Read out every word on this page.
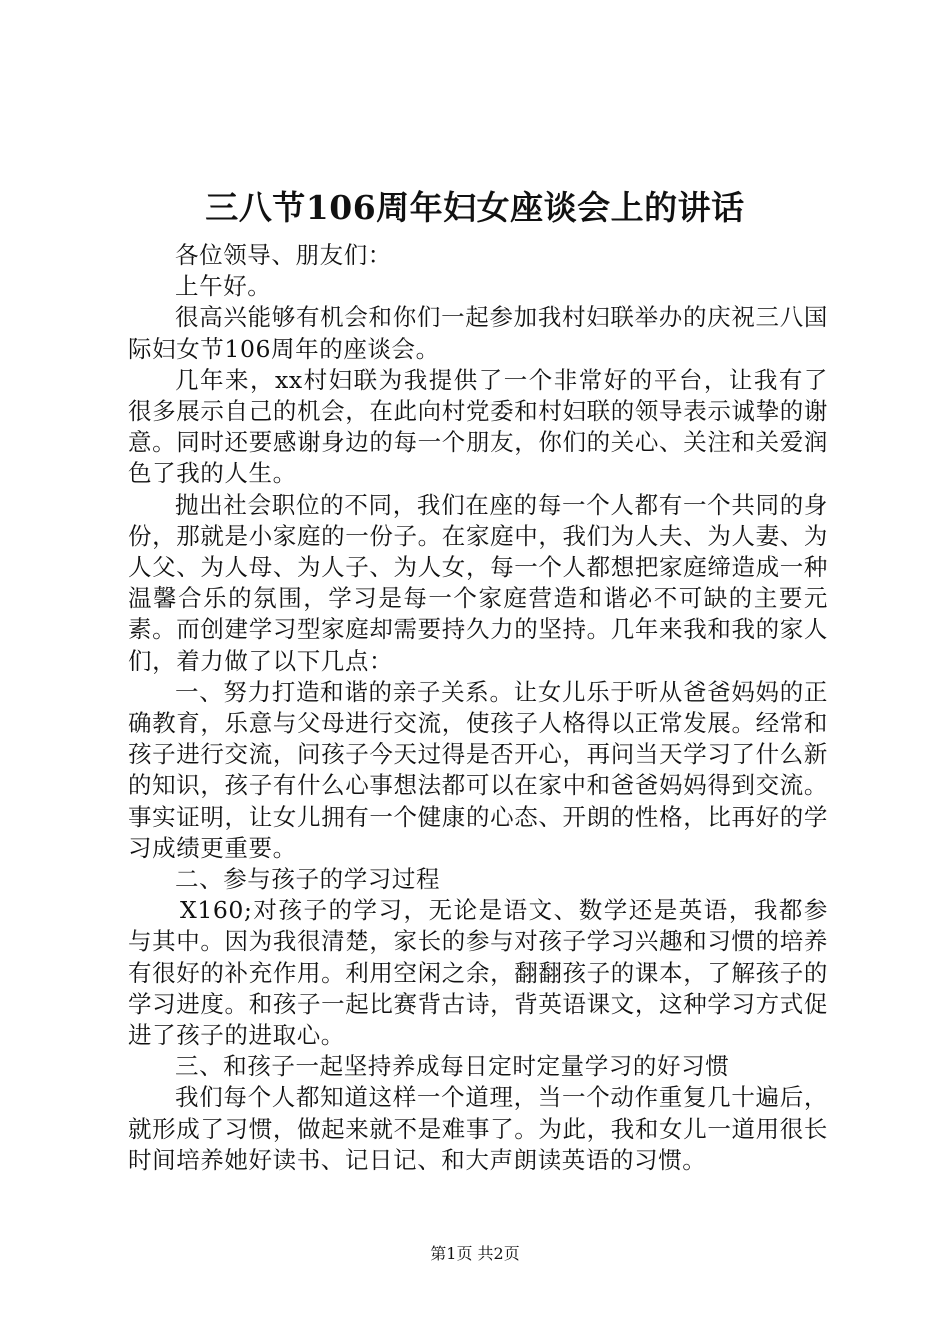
三八节106周年妇女座谈会上的讲话

各位领导、朋友们：

上午好。

很高兴能够有机会和你们一起参加我村妇联举办的庆祝三八国际妇女节106周年的座谈会。

几年来，xx村妇联为我提供了一个非常好的平台，让我有了很多展示自己的机会，在此向村党委和村妇联的领导表示诚挚的谢意。同时还要感谢身边的每一个朋友，你们的关心、关注和关爱润色了我的人生。

抛出社会职位的不同，我们在座的每一个人都有一个共同的身份，那就是小家庭的一份子。在家庭中，我们为人夫、为人妻、为人父、为人母、为人子、为人女，每一个人都想把家庭缔造成一种温馨合乐的氛围，学习是每一个家庭营造和谐必不可缺的主要元素。而创建学习型家庭却需要持久力的坚持。几年来我和我的家人们，着力做了以下几点：

一、努力打造和谐的亲子关系。让女儿乐于听从爸爸妈妈的正确教育，乐意与父母进行交流，使孩子人格得以正常发展。经常和孩子进行交流，问孩子今天过得是否开心，再问当天学习了什么新的知识，孩子有什么心事想法都可以在家中和爸爸妈妈得到交流。事实证明，让女儿拥有一个健康的心态、开朗的性格，比再好的学习成绩更重要。

二、参与孩子的学习过程

X160;对孩子的学习，无论是语文、数学还是英语，我都参与其中。因为我很清楚，家长的参与对孩子学习兴趣和习惯的培养有很好的补充作用。利用空闲之余，翻翻孩子的课本，了解孩子的学习进度。和孩子一起比赛背古诗，背英语课文，这种学习方式促进了孩子的进取心。

三、和孩子一起坚持养成每日定时定量学习的好习惯

我们每个人都知道这样一个道理，当一个动作重复几十遍后，就形成了习惯，做起来就不是难事了。为此，我和女儿一道用很长时间培养她好读书、记日记、和大声朗读英语的习惯。

第1页 共2页
